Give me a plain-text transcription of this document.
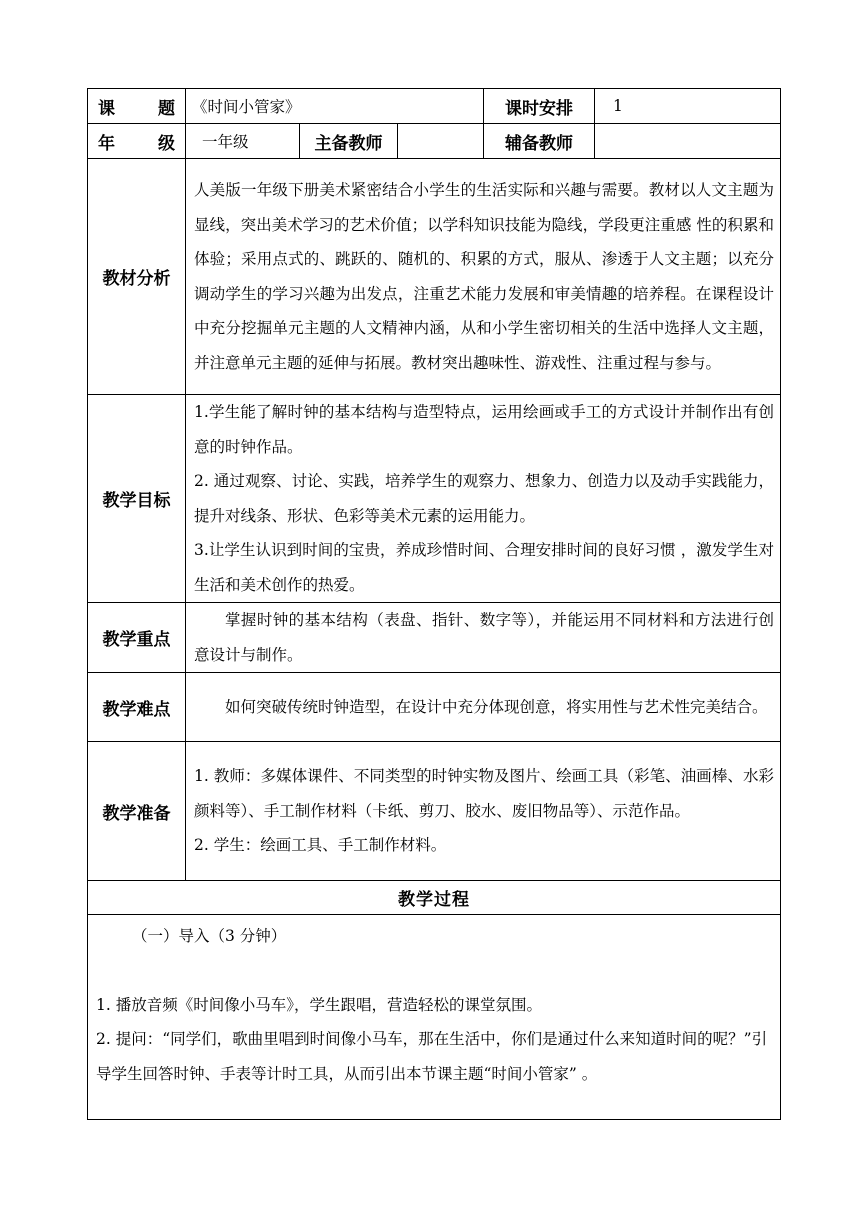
课 题	《时间小管家》			课时安排	1

年 级	一年级	主备教师		辅备教师	
教材分析	人美版一年级下册美术紧密结合小学生的生活实际和兴趣与需要。教材以人文主题为显线，突出美术学习的艺术价值；以学科知识技能为隐线，学段更注重感 性的积累和体验；采用点式的、跳跃的、随机的、积累的方式，服从、渗透于人文主题；以充分调动学生的学习兴趣为出发点，注重艺术能力发展和审美情趣的培养程。在课程设计中充分挖掘单元主题的人文精神内涵，从和小学生密切相关的生活中选择人文主题，并注意单元主题的延伸与拓展。教材突出趣味性、游戏性、注重过程与参与。				

教学目标	1.学生能了解时钟的基本结构与造型特点，运用绘画或手工的方式设计并制作出有创意的时钟作品。

2. 通过观察、讨论、实践，培养学生的观察力、想象力、创造力以及动手实践能力，提升对线条、形状、色彩等美术元素的运用能力。

3.让学生认识到时间的宝贵，养成珍惜时间、合理安排时间的良好习惯 ，激发学生对生活和美术创作的热爱。				

教学重点	掌握时钟的基本结构（表盘、指针、数字等），并能运用不同材料和方法进行创意设计与制作。				

教学难点	如何突破传统时钟造型，在设计中充分体现创意，将实用性与艺术性完美结合。				

教学准备	1. 教师：多媒体课件、不同类型的时钟实物及图片、绘画工具（彩笔、油画棒、水彩颜料等）、手工制作材料（卡纸、剪刀、胶水、废旧物品等）、示范作品。

2. 学生：绘画工具、手工制作材料。				

教学过程					

（一）导入（3 分钟）

1. 播放音频《时间像小马车》，学生跟唱，营造轻松的课堂氛围。

2. 提问：“同学们，歌曲里唱到时间像小马车，那在生活中，你们是通过什么来知道时间的呢？”引导学生回答时钟、手表等计时工具，从而引出本节课主题“时间小管家” 。					
